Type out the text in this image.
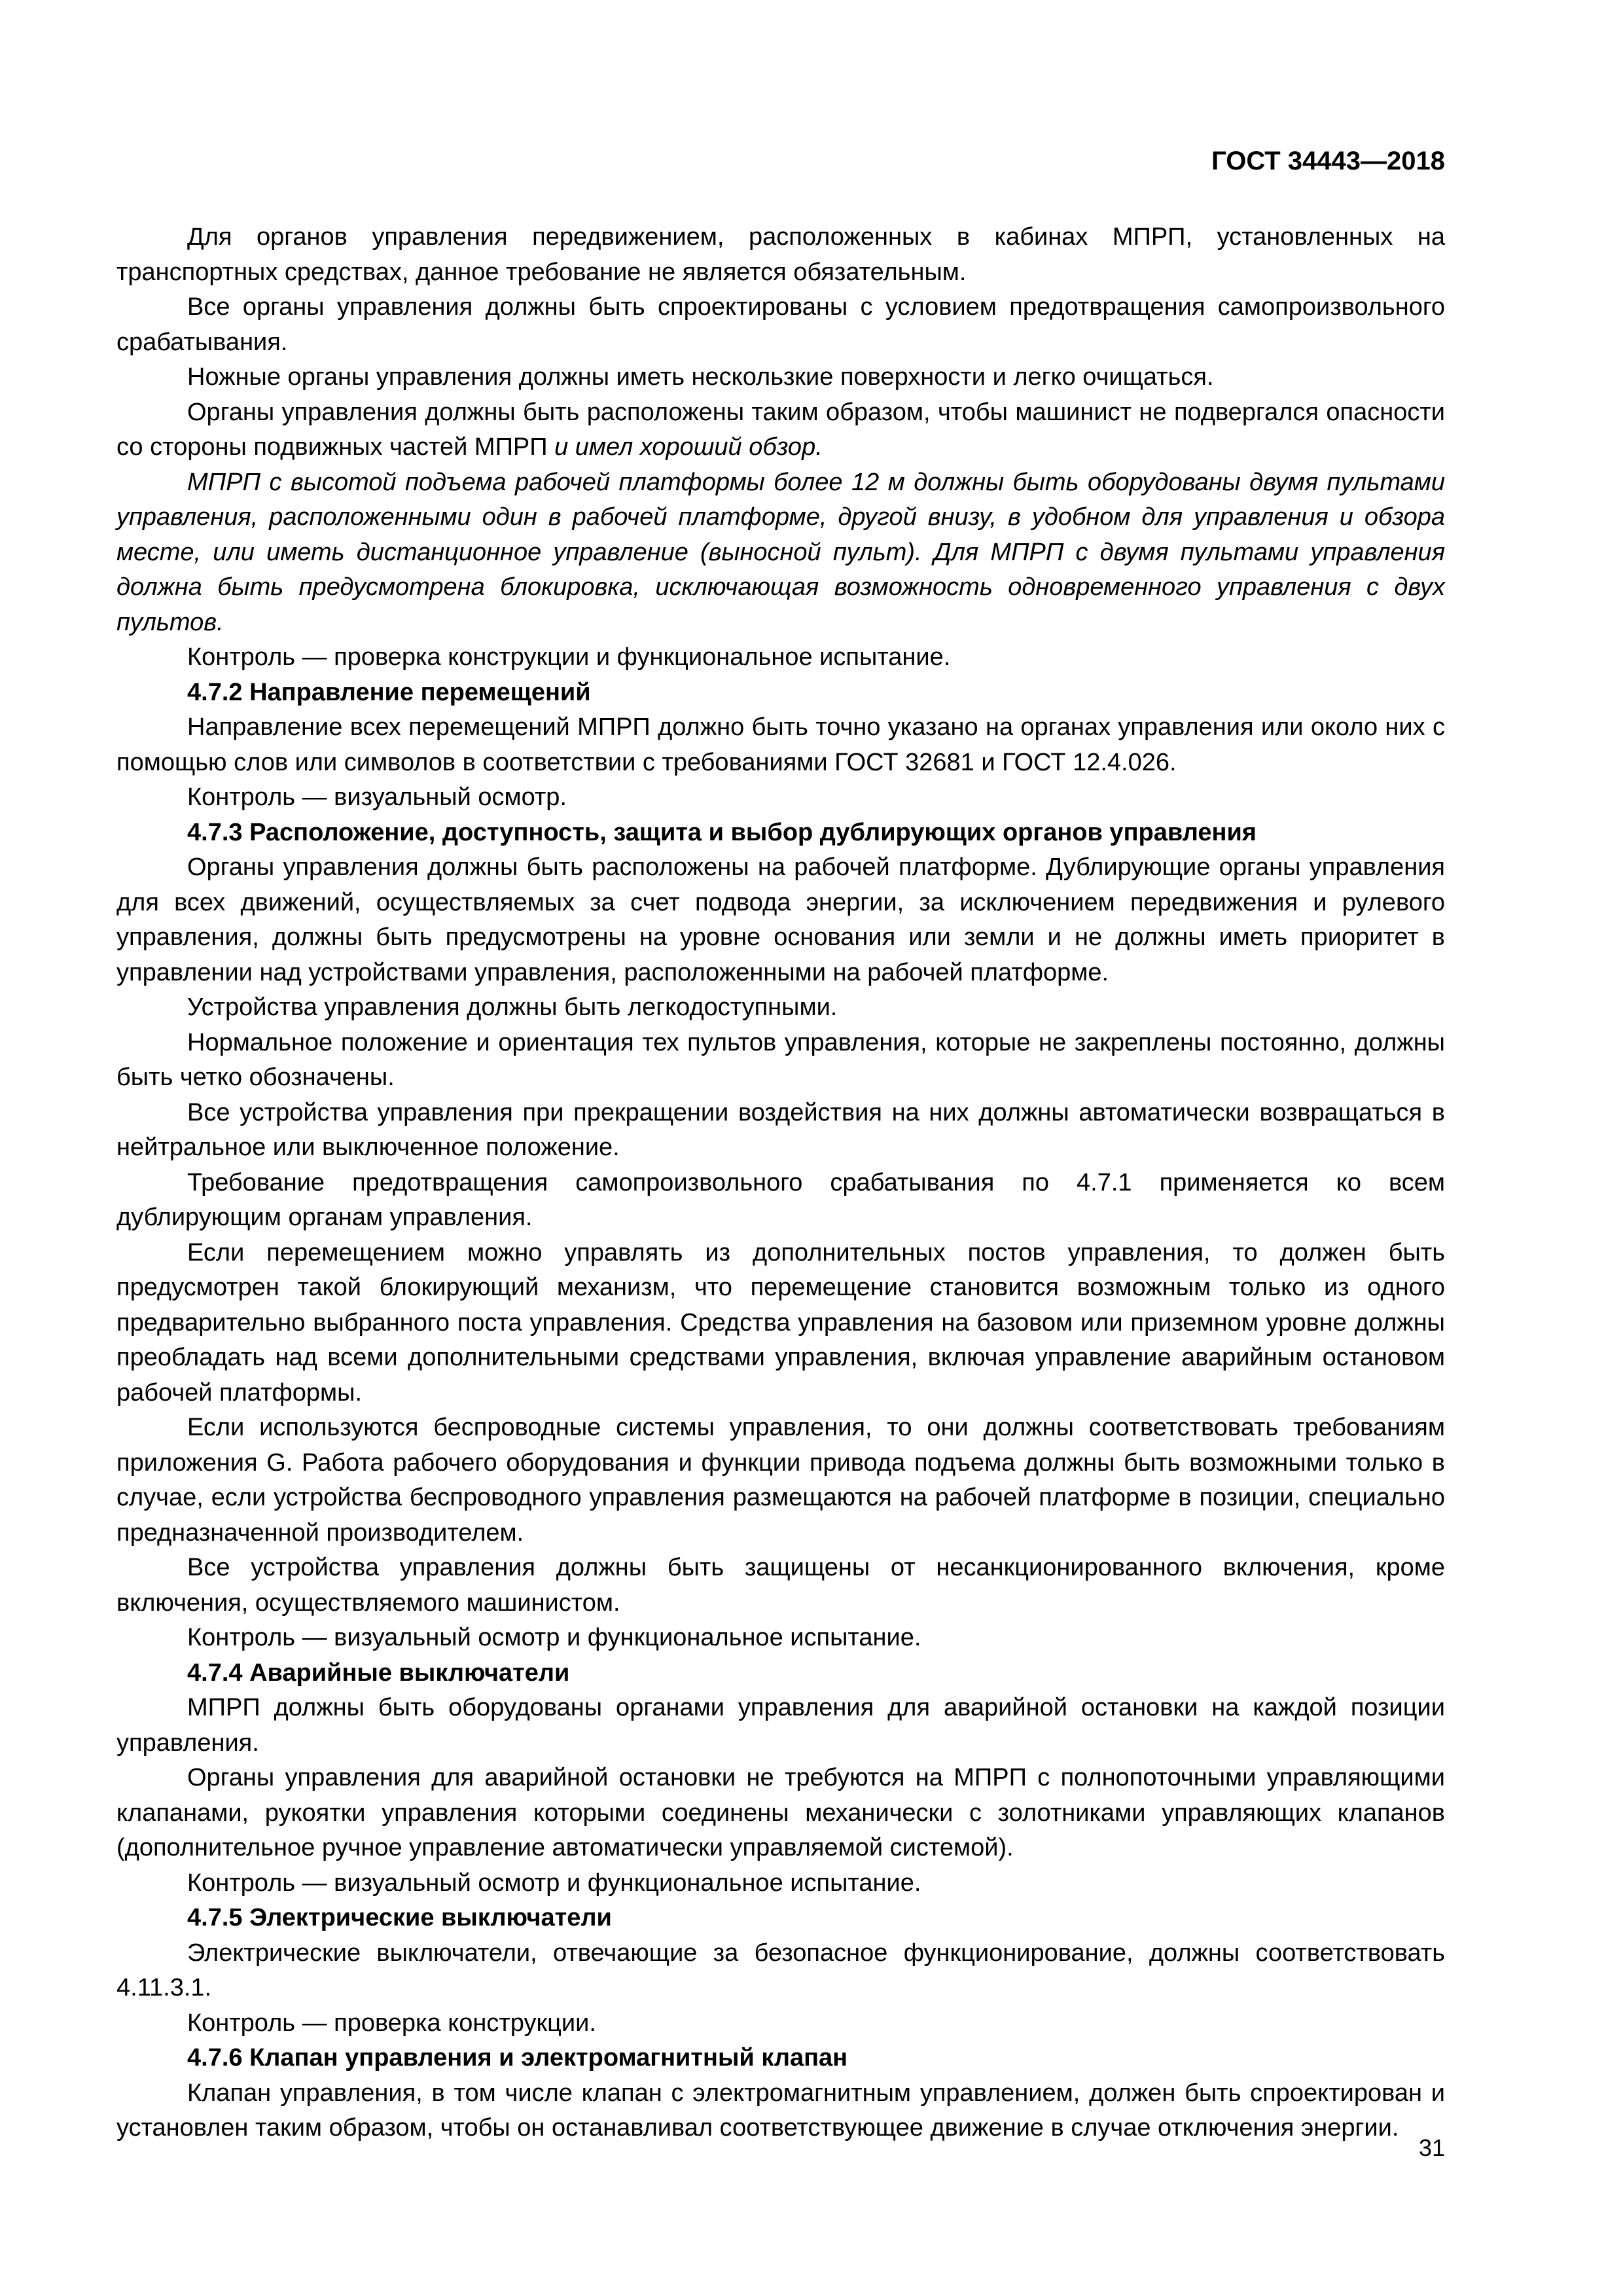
ГОСТ 34443—2018

Для органов управления передвижением, расположенных в кабинах МПРП, установленных на транспортных средствах, данное требование не является обязательным.

Все органы управления должны быть спроектированы с условием предотвращения самопроизвольного срабатывания.

Ножные органы управления должны иметь нескользкие поверхности и легко очищаться.

Органы управления должны быть расположены таким образом, чтобы машинист не подвергался опасности со стороны подвижных частей МПРП и имел хороший обзор.

МПРП с высотой подъема рабочей платформы более 12 м должны быть оборудованы двумя пультами управления, расположенными один в рабочей платформе, другой внизу, в удобном для управления и обзора месте, или иметь дистанционное управление (выносной пульт). Для МПРП с двумя пультами управления должна быть предусмотрена блокировка, исключающая возможность одновременного управления с двух пультов.

Контроль — проверка конструкции и функциональное испытание.

4.7.2 Направление перемещений

Направление всех перемещений МПРП должно быть точно указано на органах управления или около них с помощью слов или символов в соответствии с требованиями ГОСТ 32681 и ГОСТ 12.4.026.

Контроль — визуальный осмотр.

4.7.3 Расположение, доступность, защита и выбор дублирующих органов управления

Органы управления должны быть расположены на рабочей платформе. Дублирующие органы управления для всех движений, осуществляемых за счет подвода энергии, за исключением передвижения и рулевого управления, должны быть предусмотрены на уровне основания или земли и не должны иметь приоритет в управлении над устройствами управления, расположенными на рабочей платформе.

Устройства управления должны быть легкодоступными.

Нормальное положение и ориентация тех пультов управления, которые не закреплены постоянно, должны быть четко обозначены.

Все устройства управления при прекращении воздействия на них должны автоматически возвращаться в нейтральное или выключенное положение.

Требование предотвращения самопроизвольного срабатывания по 4.7.1 применяется ко всем дублирующим органам управления.

Если перемещением можно управлять из дополнительных постов управления, то должен быть предусмотрен такой блокирующий механизм, что перемещение становится возможным только из одного предварительно выбранного поста управления. Средства управления на базовом или приземном уровне должны преобладать над всеми дополнительными средствами управления, включая управление аварийным остановом рабочей платформы.

Если используются беспроводные системы управления, то они должны соответствовать требованиям приложения G. Работа рабочего оборудования и функции привода подъема должны быть возможными только в случае, если устройства беспроводного управления размещаются на рабочей платформе в позиции, специально предназначенной производителем.

Все устройства управления должны быть защищены от несанкционированного включения, кроме включения, осуществляемого машинистом.

Контроль — визуальный осмотр и функциональное испытание.

4.7.4 Аварийные выключатели

МПРП должны быть оборудованы органами управления для аварийной остановки на каждой позиции управления.

Органы управления для аварийной остановки не требуются на МПРП с полнопоточными управляющими клапанами, рукоятки управления которыми соединены механически с золотниками управляющих клапанов (дополнительное ручное управление автоматически управляемой системой).

Контроль — визуальный осмотр и функциональное испытание.

4.7.5 Электрические выключатели

Электрические выключатели, отвечающие за безопасное функционирование, должны соответствовать 4.11.3.1.

Контроль — проверка конструкции.

4.7.6 Клапан управления и электромагнитный клапан

Клапан управления, в том числе клапан с электромагнитным управлением, должен быть спроектирован и установлен таким образом, чтобы он останавливал соответствующее движение в случае отключения энергии.

31
